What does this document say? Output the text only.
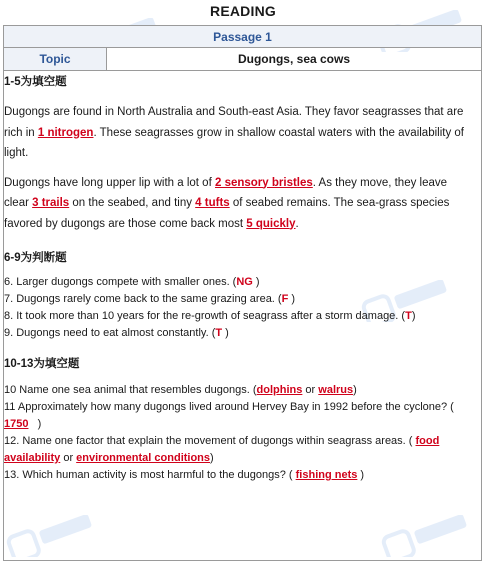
READING
Passage 1
Topic	Dugongs, sea cows
1-5为填空题
Dugongs are found in North Australia and South-east Asia. They favor seagrasses that are rich in 1 nitrogen. These seagrasses grow in shallow coastal waters with the availability of light.
Dugongs have long upper lip with a lot of 2 sensory bristles. As they move, they leave clear 3 trails on the seabed, and tiny 4 tufts of seabed remains. The sea-grass species favored by dugongs are those come back most 5 quickly.
6-9为判断题
6. Larger dugongs compete with smaller ones. (NG )
7. Dugongs rarely come back to the same grazing area. (F )
8. It took more than 10 years for the re-growth of seagrass after a storm damage. (T)
9. Dugongs need to eat almost constantly. (T )
10-13为填空题
10 Name one sea animal that resembles dugongs. (dolphins or walrus)
11 Approximately how many dugongs lived around Hervey Bay in 1992 before the cyclone? ( 1750   )
12. Name one factor that explain the movement of dugongs within seagrass areas. ( food availability or environmental conditions)
13. Which human activity is most harmful to the dugongs? ( fishing nets )
